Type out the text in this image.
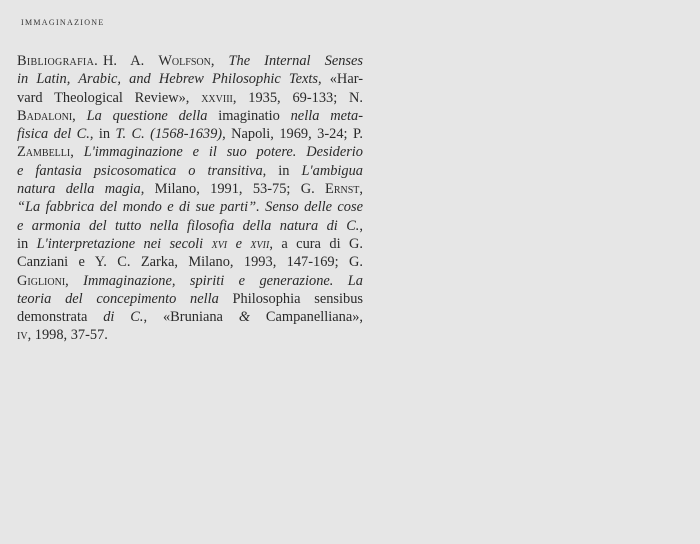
immaginazione
Bibliografia. H. A. Wolfson, The Internal Senses
in Latin, Arabic, and Hebrew Philosophic Texts, «Har-
vard Theological Review», xxviii, 1935, 69-133; N.
Badaloni, La questione della imaginatio nella meta-
fisica del C., in T. C. (1568-1639), Napoli, 1969, 3-24; P.
Zambelli, L'immaginazione e il suo potere. Desiderio
e fantasia psicosomatica o transitiva, in L'ambigua
natura della magia, Milano, 1991, 53-75; G. Ernst,
“La fabbrica del mondo e di sue parti”. Senso delle cose
e armonia del tutto nella filosofia della natura di C.,
in L'interpretazione nei secoli xvi e xvii, a cura di G.
Canziani e Y. C. Zarka, Milano, 1993, 147-169; G.
Giglioni, Immaginazione, spiriti e generazione. La
teoria del concepimento nella Philosophia sensibus
demonstrata di C., «Bruniana & Campanelliana»,
iv, 1998, 37-57.
